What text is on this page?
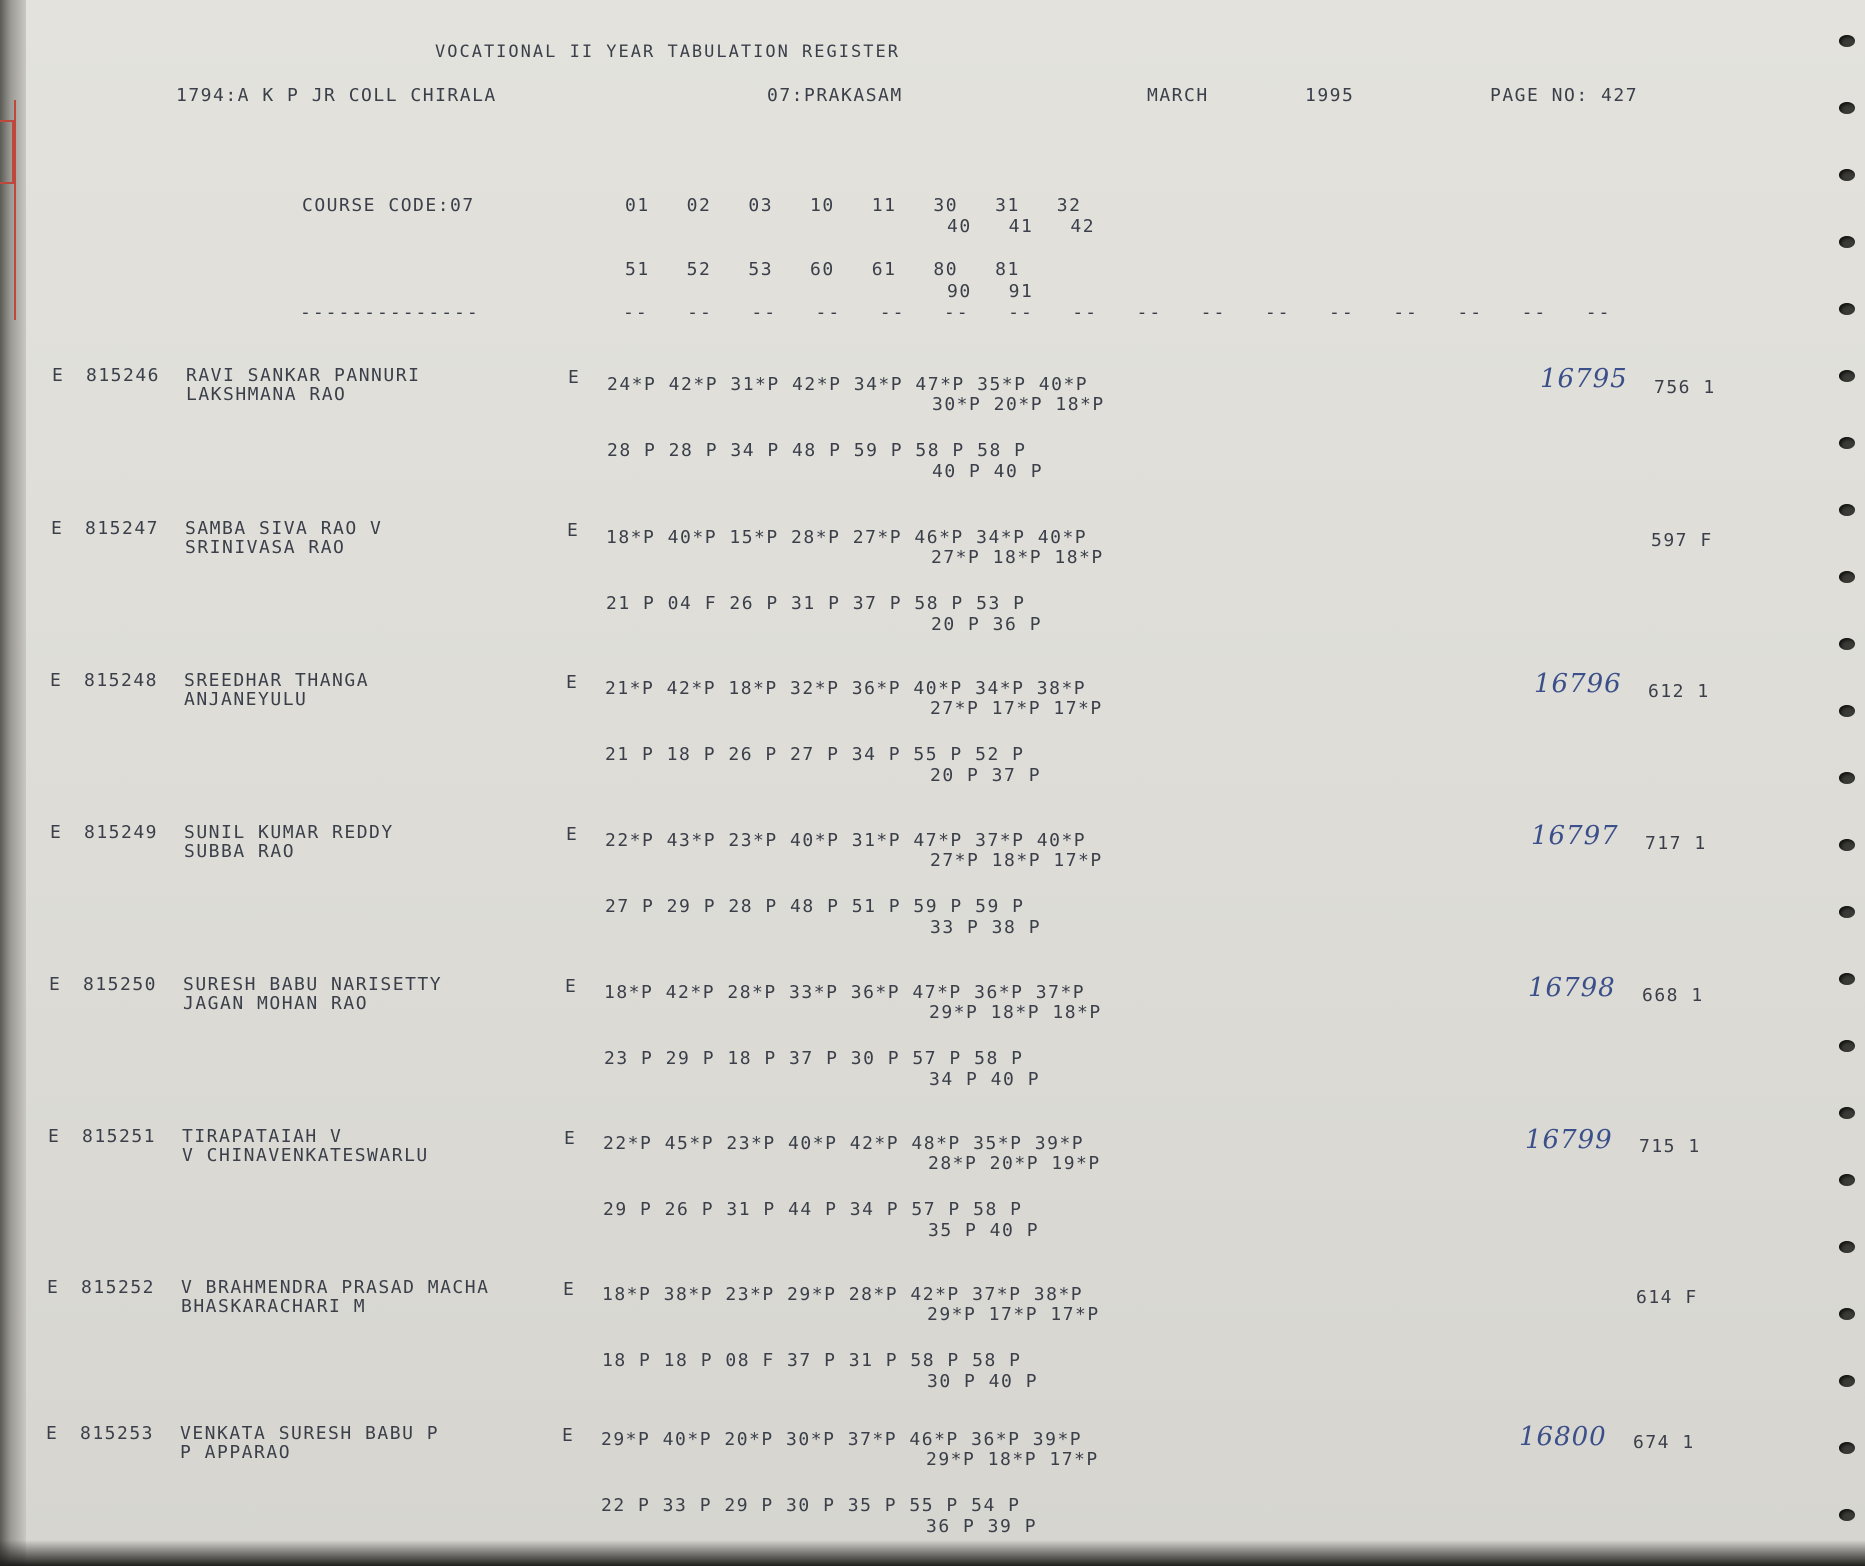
VOCATIONAL II YEAR TABULATION REGISTER
1794:A K P JR COLL CHIRALA	07:PRAKASAM	MARCH	1995	PAGE NO: 427
COURSE CODE:07	01   02   03   10   11   30   31   32
40   41   42
51   52   53   60   61   80   81
90   91
--------------	--   --   --   --   --   --   --   --   --   --   --   --   --   --   --   --
E 815246 RAVI SANKAR PANNURI
LAKSHMANA RAO
E 24*P 42*P 31*P 42*P 34*P 47*P 35*P 40*P
30*P 20*P 18*P
28 P 28 P 34 P 48 P 59 P 58 P 58 P
40 P 40 P
756 1
16795
E 815247 SAMBA SIVA RAO V
SRINIVASA RAO
E 18*P 40*P 15*P 28*P 27*P 46*P 34*P 40*P
27*P 18*P 18*P
21 P 04 F 26 P 31 P 37 P 58 P 53 P
20 P 36 P
597 F
E 815248 SREEDHAR THANGA
ANJANEYULU
E 21*P 42*P 18*P 32*P 36*P 40*P 34*P 38*P
27*P 17*P 17*P
21 P 18 P 26 P 27 P 34 P 55 P 52 P
20 P 37 P
612 1
16796
E 815249 SUNIL KUMAR REDDY
SUBBA RAO
E 22*P 43*P 23*P 40*P 31*P 47*P 37*P 40*P
27*P 18*P 17*P
27 P 29 P 28 P 48 P 51 P 59 P 59 P
33 P 38 P
717 1
16797
E 815250 SURESH BABU NARISETTY
JAGAN MOHAN RAO
E 18*P 42*P 28*P 33*P 36*P 47*P 36*P 37*P
29*P 18*P 18*P
23 P 29 P 18 P 37 P 30 P 57 P 58 P
34 P 40 P
668 1
16798
E 815251 TIRAPATAIAH V
V CHINAVENKATESWARLU
E 22*P 45*P 23*P 40*P 42*P 48*P 35*P 39*P
28*P 20*P 19*P
29 P 26 P 31 P 44 P 34 P 57 P 58 P
35 P 40 P
715 1
16799
E 815252 V BRAHMENDRA PRASAD MACHA
BHASKARACHARI M
E 18*P 38*P 23*P 29*P 28*P 42*P 37*P 38*P
29*P 17*P 17*P
18 P 18 P 08 F 37 P 31 P 58 P 58 P
30 P 40 P
614 F
E 815253 VENKATA SURESH BABU P
P APPARAO
E 29*P 40*P 20*P 30*P 37*P 46*P 36*P 39*P
29*P 18*P 17*P
22 P 33 P 29 P 30 P 35 P 55 P 54 P
36 P 39 P
674 1
16800
